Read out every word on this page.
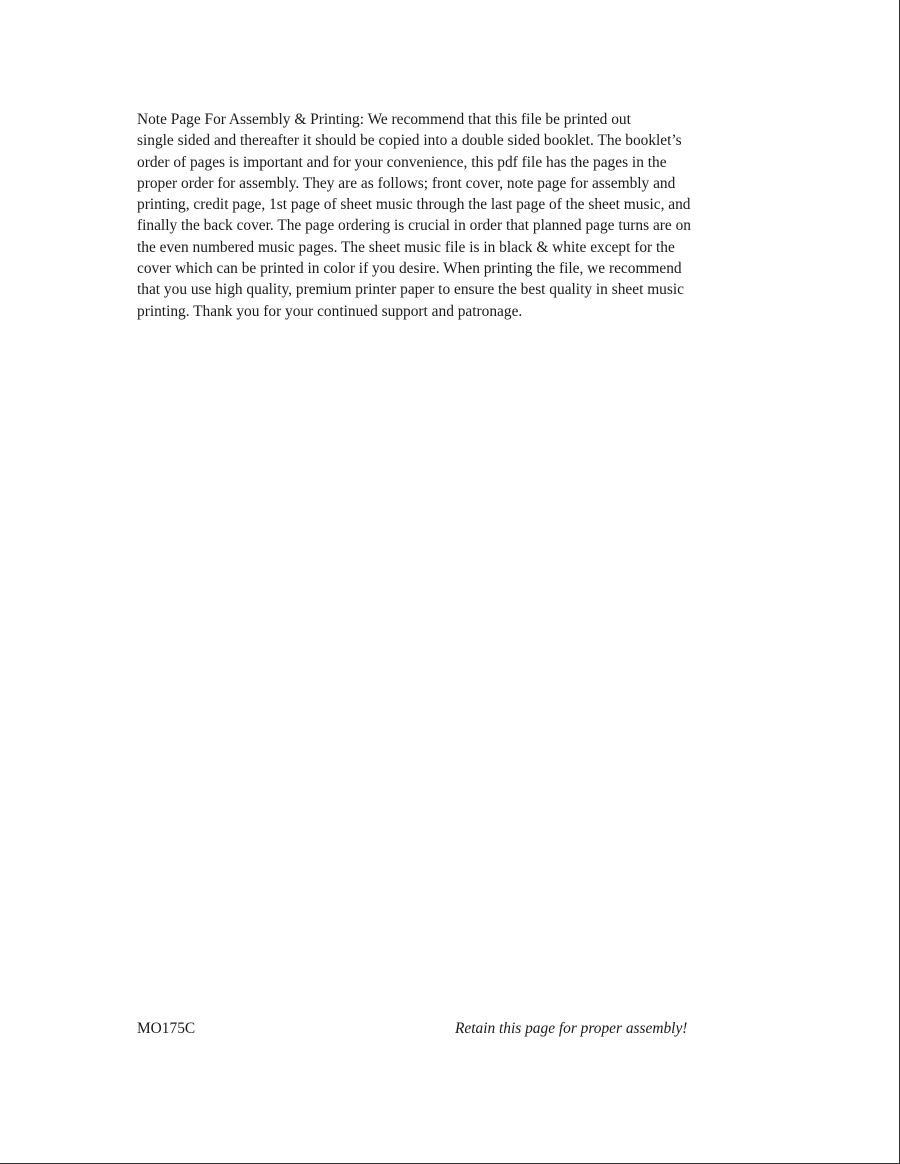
Note Page For Assembly & Printing: We recommend that this file be printed out
single sided and thereafter it should be copied into a double sided booklet. The booklet’s
order of pages is important and for your convenience, this pdf file has the pages in the
proper order for assembly. They are as follows; front cover, note page for assembly and
printing, credit page, 1st page of sheet music through the last page of the sheet music, and
finally the back cover. The page ordering is crucial in order that planned page turns are on
the even numbered music pages. The sheet music file is in black & white except for the
cover which can be printed in color if you desire. When printing the file, we recommend
that you use high quality, premium printer paper to ensure the best quality in sheet music
printing. Thank you for your continued support and patronage.

MO175C	Retain this page for proper assembly!
